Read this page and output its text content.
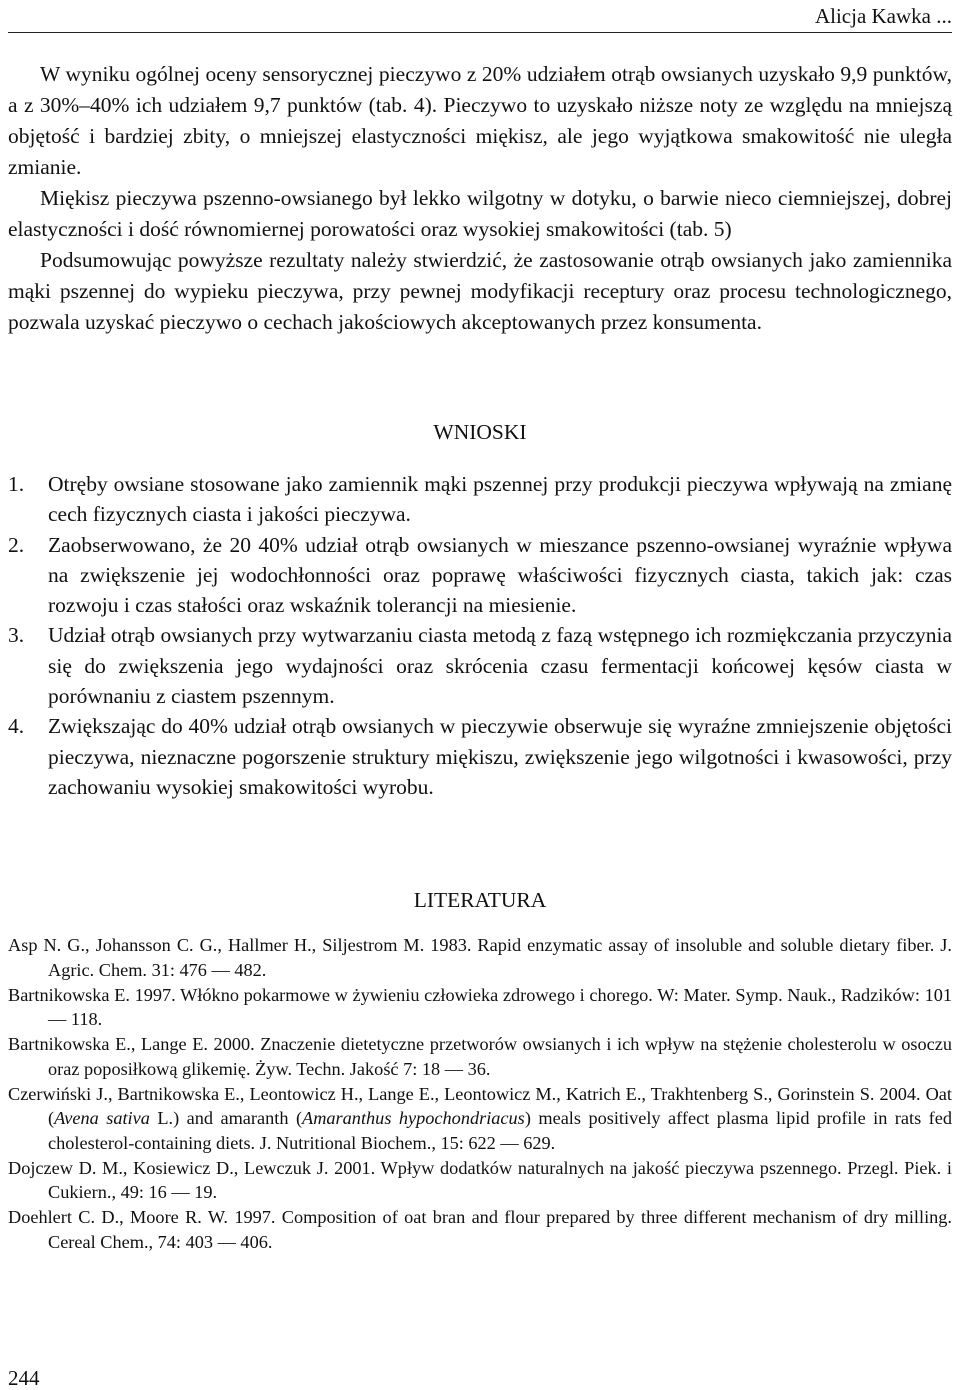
Alicja Kawka ...

W wyniku ogólnej oceny sensorycznej pieczywo z 20% udziałem otrąb owsianych uzyskało 9,9 punktów, a z 30%–40% ich udziałem 9,7 punktów (tab. 4). Pieczywo to uzyskało niższe noty ze względu na mniejszą objętość i bardziej zbity, o mniejszej elastyczności miękisz, ale jego wyjątkowa smakowitość nie uległa zmianie.

Miękisz pieczywa pszenno-owsianego był lekko wilgotny w dotyku, o barwie nieco ciemniejszej, dobrej elastyczności i dość równomiernej porowatości oraz wysokiej smakowitości (tab. 5)

Podsumowując powyższe rezultaty należy stwierdzić, że zastosowanie otrąb owsianych jako zamiennika mąki pszennej do wypieku pieczywa, przy pewnej modyfikacji receptury oraz procesu technologicznego, pozwala uzyskać pieczywo o cechach jakościowych akceptowanych przez konsumenta.

WNIOSKI
1.	Otręby owsiane stosowane jako zamiennik mąki pszennej przy produkcji pieczywa wpływają na zmianę cech fizycznych ciasta i jakości pieczywa.
2.	Zaobserwowano, że 20 40% udział otrąb owsianych w mieszance pszenno-owsianej wyraźnie wpływa na zwiększenie jej wodochłonności oraz poprawę właściwości fizycznych ciasta, takich jak: czas rozwoju i czas stałości oraz wskaźnik tolerancji na miesienie.
3.	Udział otrąb owsianych przy wytwarzaniu ciasta metodą z fazą wstępnego ich rozmiękczania przyczynia się do zwiększenia jego wydajności oraz skrócenia czasu fermentacji końcowej kęsów ciasta w porównaniu z ciastem pszennym.
4.	Zwiększając do 40% udział otrąb owsianych w pieczywie obserwuje się wyraźne zmniejszenie objętości pieczywa, nieznaczne pogorszenie struktury miękiszu, zwiększenie jego wilgotności i kwasowości, przy zachowaniu wysokiej smakowitości wyrobu.
LITERATURA
Asp N. G., Johansson C. G., Hallmer H., Siljestrom M. 1983. Rapid enzymatic assay of insoluble and soluble dietary fiber. J. Agric. Chem. 31: 476 — 482.
Bartnikowska E. 1997. Włókno pokarmowe w żywieniu człowieka zdrowego i chorego. W: Mater. Symp. Nauk., Radzików: 101 — 118.
Bartnikowska E., Lange E. 2000. Znaczenie dietetyczne przetworów owsianych i ich wpływ na stężenie cholesterolu w osoczu oraz poposiłkową glikemię. Żyw. Techn. Jakość 7: 18 — 36.
Czerwiński J., Bartnikowska E., Leontowicz H., Lange E., Leontowicz M., Katrich E., Trakhtenberg S., Gorinstein S. 2004. Oat (Avena sativa L.) and amaranth (Amaranthus hypochondriacus) meals positively affect plasma lipid profile in rats fed cholesterol-containing diets. J. Nutritional Biochem., 15: 622 — 629.
Dojczew D. M., Kosiewicz D., Lewczuk J. 2001. Wpływ dodatków naturalnych na jakość pieczywa pszennego. Przegl. Piek. i Cukiern., 49: 16 — 19.
Doehlert C. D., Moore R. W. 1997. Composition of oat bran and flour prepared by three different mechanism of dry milling. Cereal Chem., 74: 403 — 406.
244
